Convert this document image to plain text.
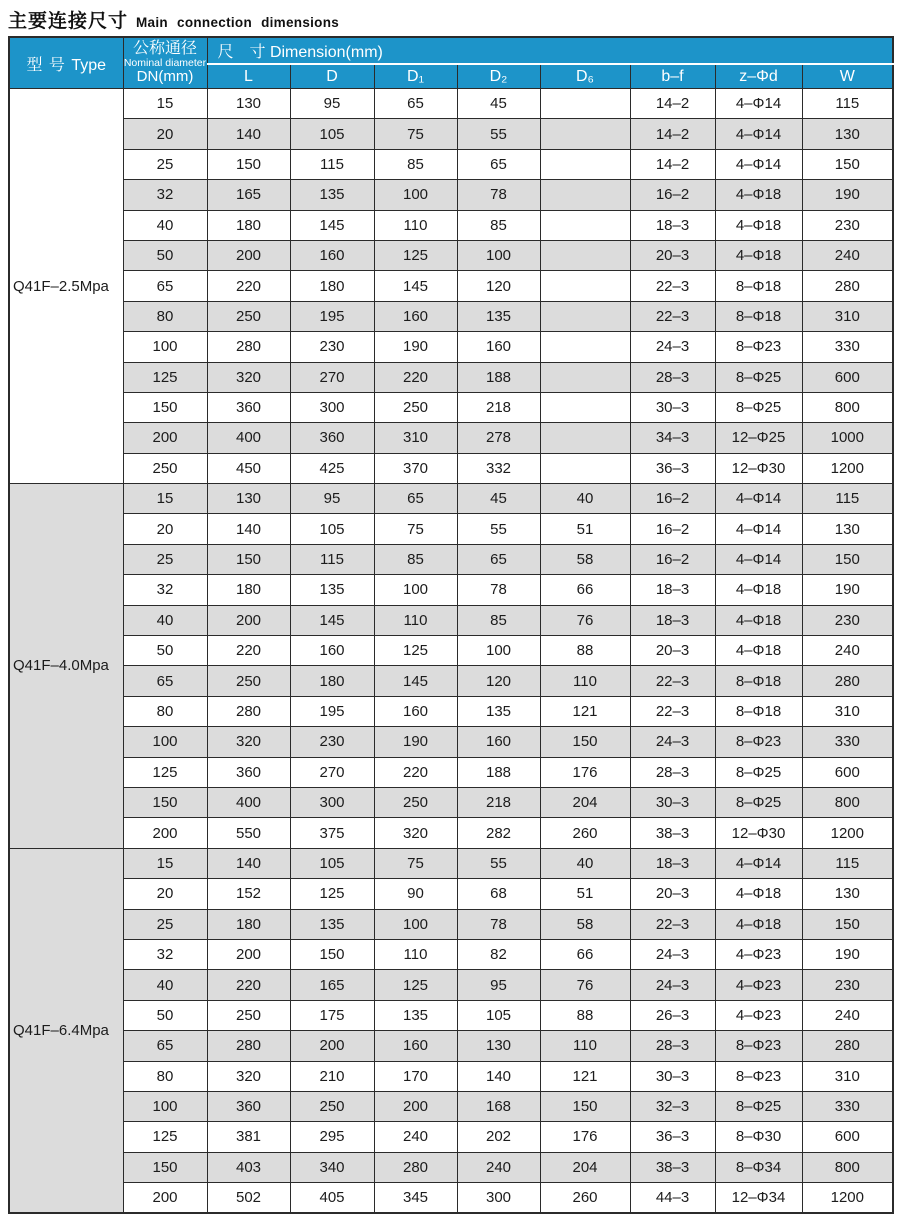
主要连接尺寸 Main connection dimensions
型 号 Type	公称通径
Nominal diameter
DN(mm)	尺　寸 Dimension(mm)							
		L	D	D₁	D₂	D₆	b–f	z–Φd	W
Q41F–2.5Mpa	15	130	95	65	45		14–2	4–Φ14	115
	20	140	105	75	55		14–2	4–Φ14	130
	25	150	115	85	65		14–2	4–Φ14	150
	32	165	135	100	78		16–2	4–Φ18	190
	40	180	145	110	85		18–3	4–Φ18	230
	50	200	160	125	100		20–3	4–Φ18	240
	65	220	180	145	120		22–3	8–Φ18	280
	80	250	195	160	135		22–3	8–Φ18	310
	100	280	230	190	160		24–3	8–Φ23	330
	125	320	270	220	188		28–3	8–Φ25	600
	150	360	300	250	218		30–3	8–Φ25	800
	200	400	360	310	278		34–3	12–Φ25	1000
	250	450	425	370	332		36–3	12–Φ30	1200
Q41F–4.0Mpa	15	130	95	65	45	40	16–2	4–Φ14	115
	20	140	105	75	55	51	16–2	4–Φ14	130
	25	150	115	85	65	58	16–2	4–Φ14	150
	32	180	135	100	78	66	18–3	4–Φ18	190
	40	200	145	110	85	76	18–3	4–Φ18	230
	50	220	160	125	100	88	20–3	4–Φ18	240
	65	250	180	145	120	110	22–3	8–Φ18	280
	80	280	195	160	135	121	22–3	8–Φ18	310
	100	320	230	190	160	150	24–3	8–Φ23	330
	125	360	270	220	188	176	28–3	8–Φ25	600
	150	400	300	250	218	204	30–3	8–Φ25	800
	200	550	375	320	282	260	38–3	12–Φ30	1200
Q41F–6.4Mpa	15	140	105	75	55	40	18–3	4–Φ14	115
	20	152	125	90	68	51	20–3	4–Φ18	130
	25	180	135	100	78	58	22–3	4–Φ18	150
	32	200	150	110	82	66	24–3	4–Φ23	190
	40	220	165	125	95	76	24–3	4–Φ23	230
	50	250	175	135	105	88	26–3	4–Φ23	240
	65	280	200	160	130	110	28–3	8–Φ23	280
	80	320	210	170	140	121	30–3	8–Φ23	310
	100	360	250	200	168	150	32–3	8–Φ25	330
	125	381	295	240	202	176	36–3	8–Φ30	600
	150	403	340	280	240	204	38–3	8–Φ34	800
	200	502	405	345	300	260	44–3	12–Φ34	1200
